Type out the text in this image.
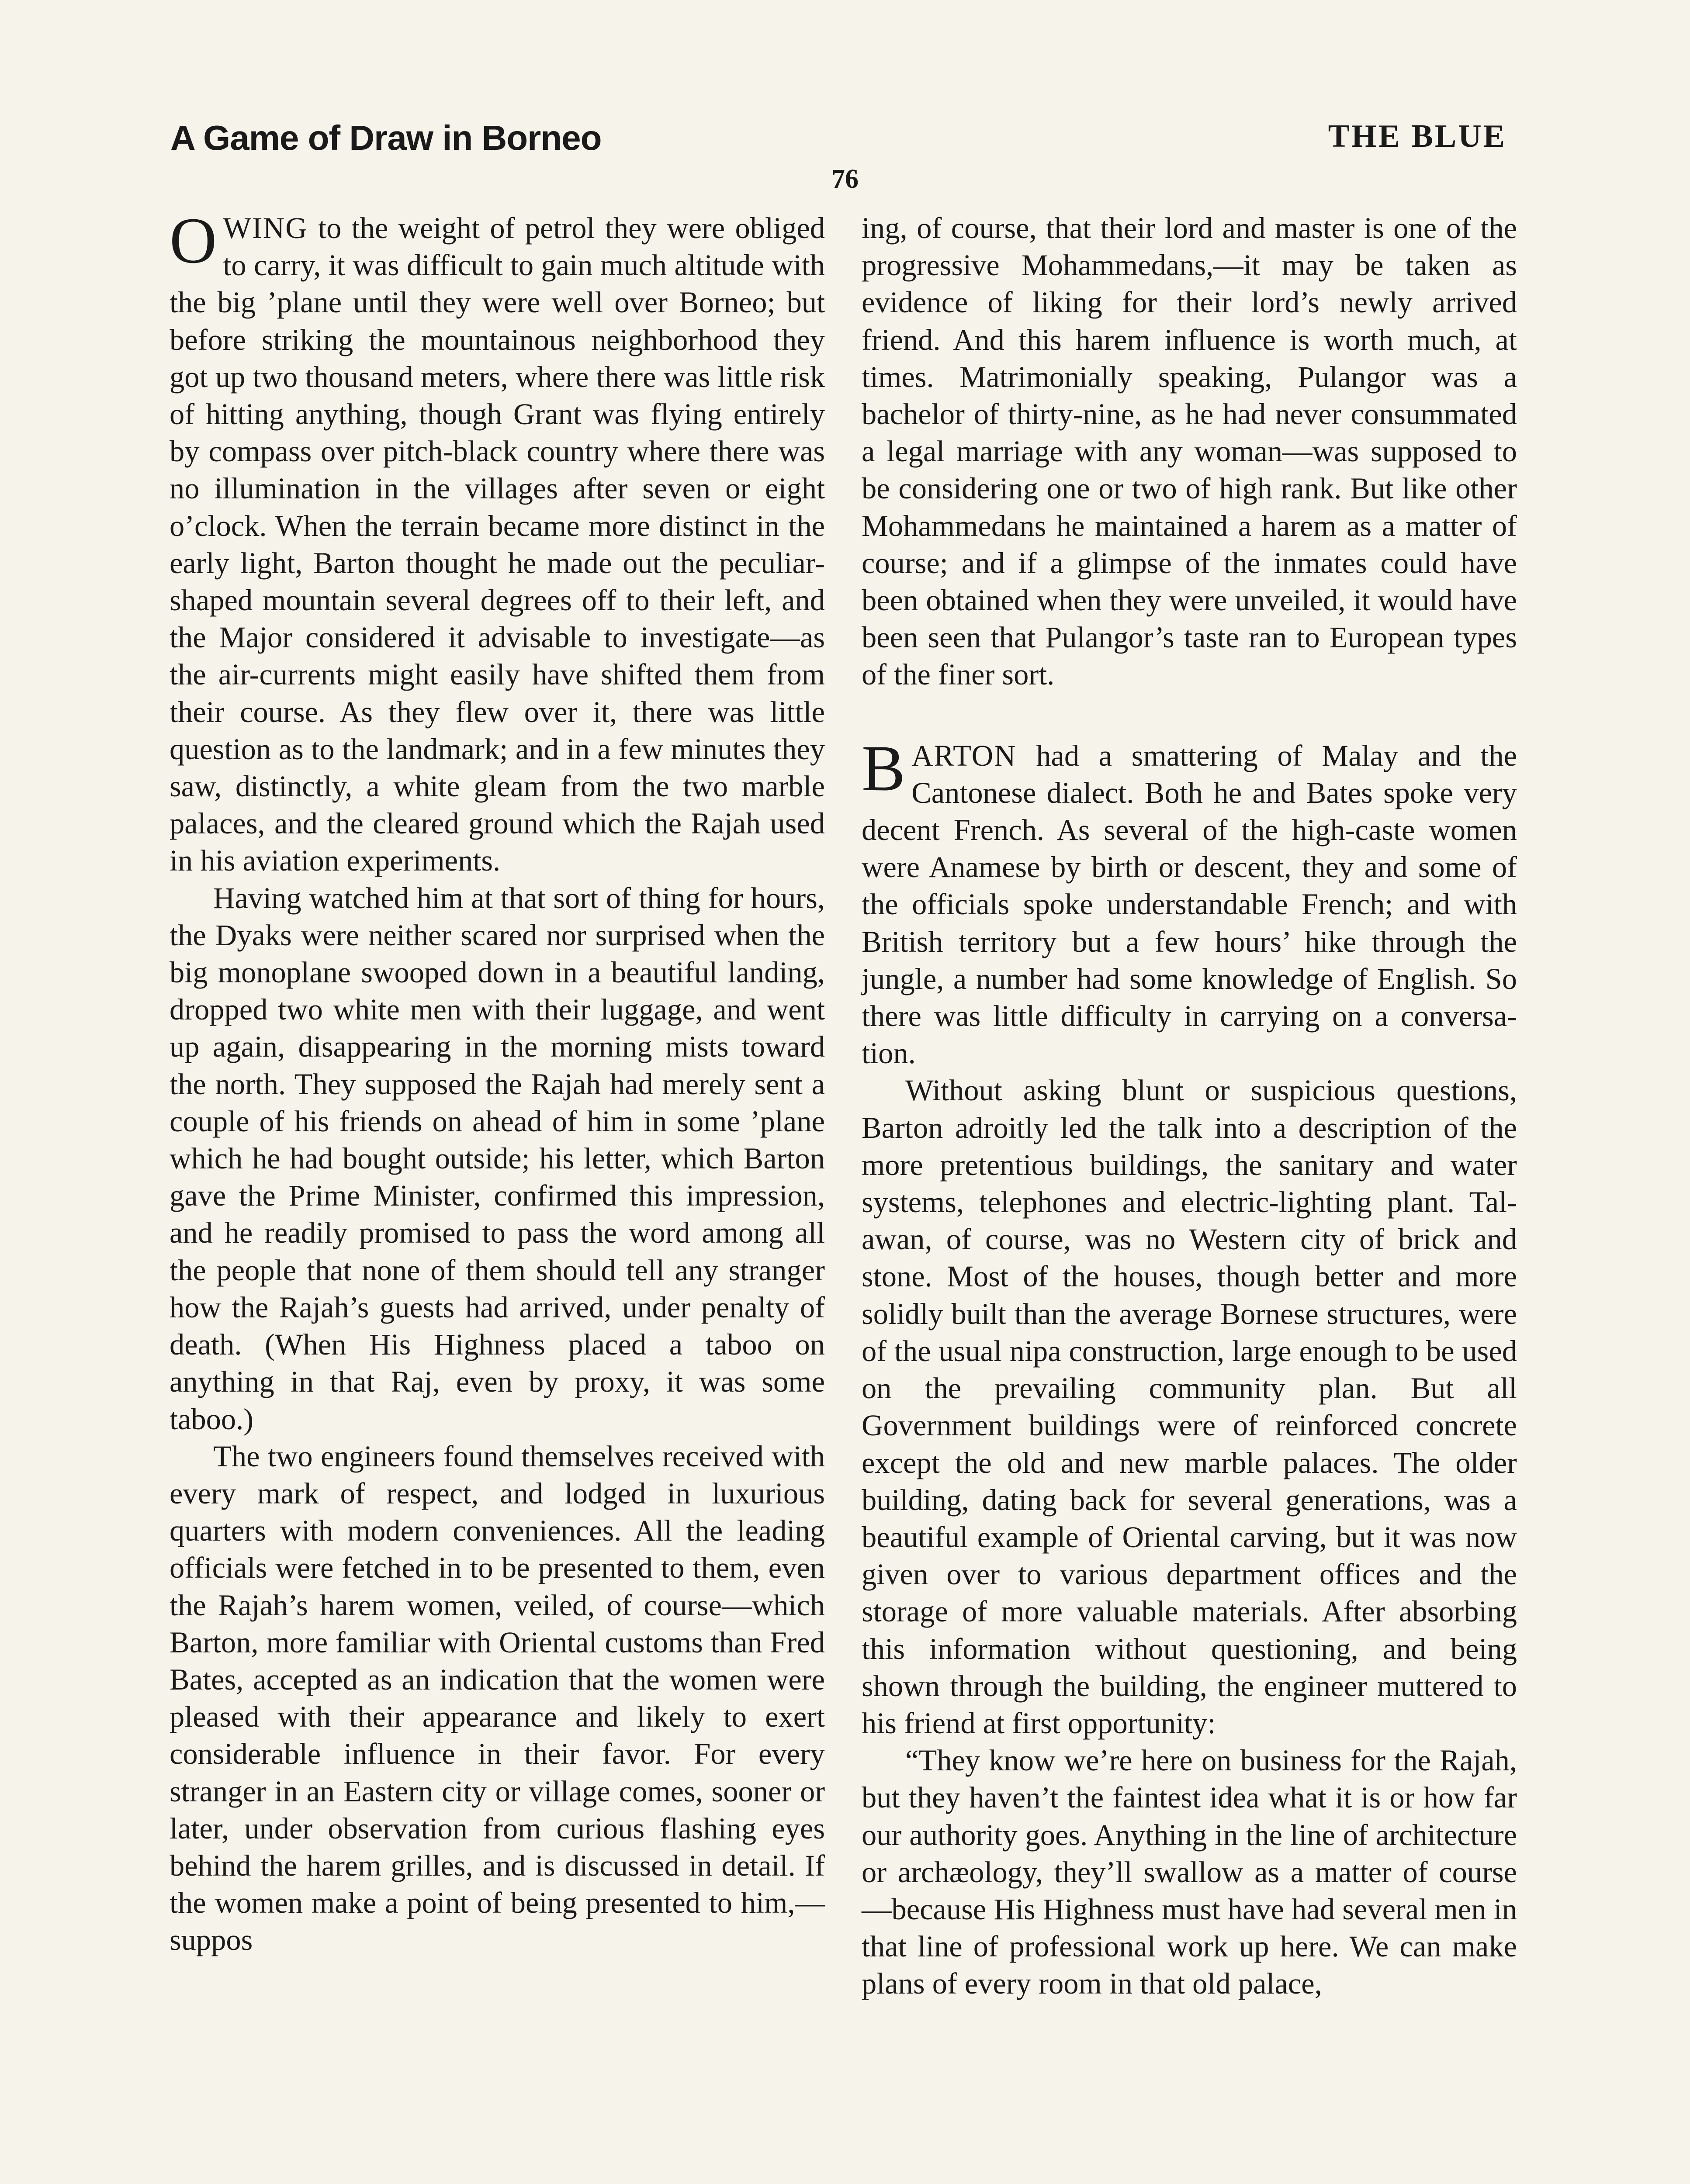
A Game of Draw in Borneo	THE BLUE
76

OWING to the weight of petrol they were obliged to carry, it was difficult to gain much altitude with the big ’plane until they were well over Borneo; but before striking the mountainous neighborhood they got up two thousand meters, where there was little risk of hitting anything, though Grant was flying entirely by compass over pitch-black country where there was no illumination in the villages after seven or eight o’clock. When the terrain became more distinct in the early light, Barton thought he made out the peculiar-shaped mountain several degrees off to their left, and the Major considered it advisable to investigate—as the air-currents might easily have shifted them from their course. As they flew over it, there was little question as to the landmark; and in a few minutes they saw, distinctly, a white gleam from the two marble palaces, and the cleared ground which the Rajah used in his aviation experiments.

Having watched him at that sort of thing for hours, the Dyaks were neither scared nor surprised when the big monoplane swooped down in a beautiful landing, dropped two white men with their luggage, and went up again, disappearing in the morning mists toward the north. They supposed the Rajah had merely sent a couple of his friends on ahead of him in some ’plane which he had bought outside; his letter, which Barton gave the Prime Minister, confirmed this impression, and he readily promised to pass the word among all the people that none of them should tell any stranger how the Rajah’s guests had arrived, under penalty of death. (When His Highness placed a taboo on anything in that Raj, even by proxy, it was some taboo.)

The two engineers found themselves received with every mark of respect, and lodged in luxurious quarters with modern conveniences. All the leading officials were fetched in to be presented to them, even the Rajah’s harem women, veiled, of course—which Barton, more familiar with Oriental customs than Fred Bates, accepted as an indication that the women were pleased with their appearance and likely to exert considerable influence in their favor. For every stranger in an Eastern city or village comes, sooner or later, under observation from curious flashing eyes behind the harem grilles, and is discussed in detail. If the women make a point of being presented to him,—suppos

ing, of course, that their lord and master is one of the progressive Mohammedans,—it may be taken as evidence of liking for their lord’s newly arrived friend. And this harem influence is worth much, at times. Matrimonially speaking, Pulangor was a bachelor of thirty-nine, as he had never consummated a legal marriage with any woman—was supposed to be considering one or two of high rank. But like other Mohammedans he maintained a harem as a matter of course; and if a glimpse of the inmates could have been obtained when they were unveiled, it would have been seen that Pulangor’s taste ran to European types of the finer sort.

BARTON had a smattering of Malay and the Cantonese dialect. Both he and Bates spoke very decent French. As several of the high-caste women were Anamese by birth or descent, they and some of the officials spoke understandable French; and with British territory but a few hours’ hike through the jungle, a number had some knowledge of English. So there was little difficulty in carrying on a conversation.

Without asking blunt or suspicious questions, Barton adroitly led the talk into a description of the more pretentious buildings, the sanitary and water systems, telephones and electric-lighting plant. Talawan, of course, was no Western city of brick and stone. Most of the houses, though better and more solidly built than the average Bornese structures, were of the usual nipa construction, large enough to be used on the prevailing community plan. But all Government buildings were of reinforced concrete except the old and new marble palaces. The older building, dating back for several generations, was a beautiful example of Oriental carving, but it was now given over to various department offices and the storage of more valuable materials. After absorbing this information without questioning, and being shown through the building, the engineer muttered to his friend at first opportunity:

“They know we’re here on business for the Rajah, but they haven’t the faintest idea what it is or how far our authority goes. Anything in the line of architecture or archæology, they’ll swallow as a matter of course—because His Highness must have had several men in that line of professional work up here. We can make plans of every room in that old palace,
